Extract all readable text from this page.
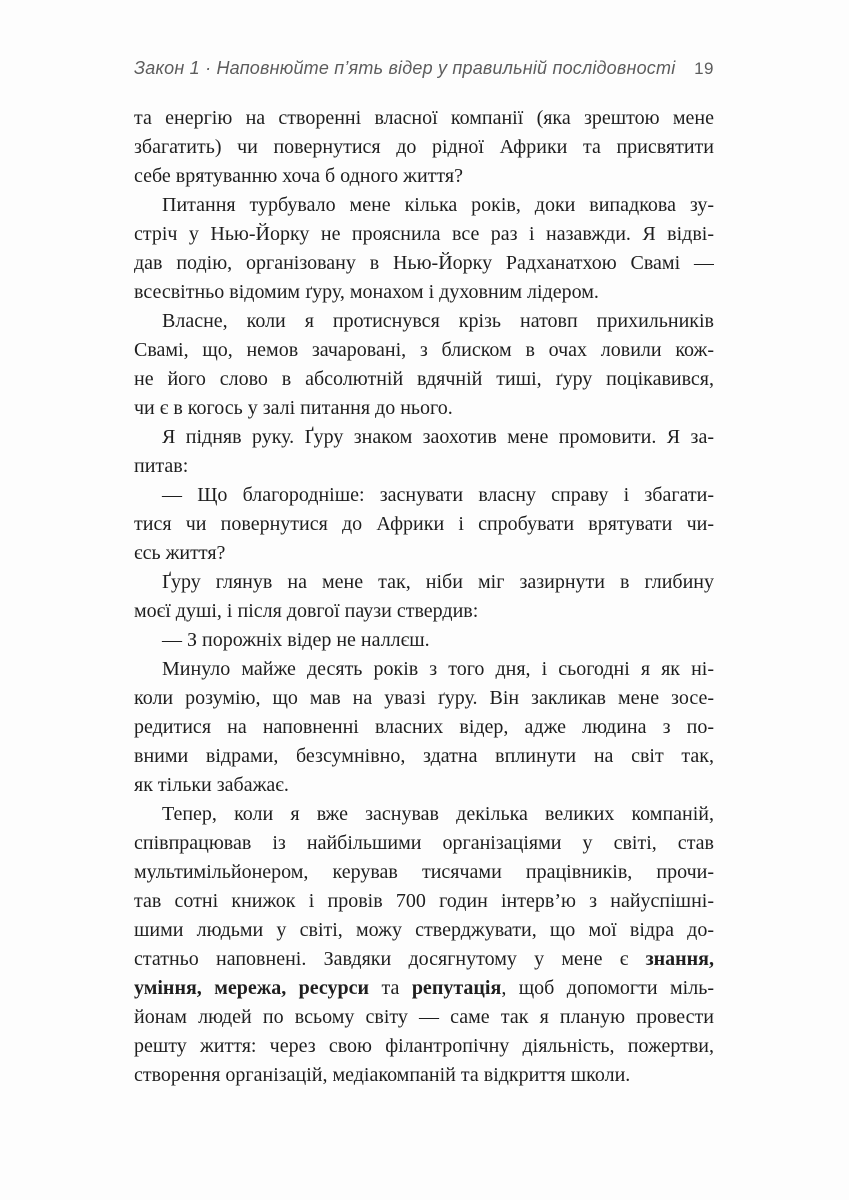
Закон 1 · Наповнюйте п’ять відер у правильній послідовності 19
та енергію на створенні власної компанії (яка зрештою мене
збагатить) чи повернутися до рідної Африки та присвятити
себе врятуванню хоча б одного життя?
Питання турбувало мене кілька років, доки випадкова зу-
стріч у Нью-Йорку не прояснила все раз і назавжди. Я відві-
дав подію, організовану в Нью-Йорку Радханатхою Свамі —
всесвітньо відомим ґуру, монахом і духовним лідером.
Власне, коли я протиснувся крізь натовп прихильників
Свамі, що, немов зачаровані, з блиском в очах ловили кож-
не його слово в абсолютній вдячній тиші, ґуру поцікавився,
чи є в когось у залі питання до нього.
Я підняв руку. Ґуру знаком заохотив мене промовити. Я за-
питав:
— Що благородніше: заснувати власну справу і збагати-
тися чи повернутися до Африки і спробувати врятувати чи-
єсь життя?
Ґуру глянув на мене так, ніби міг зазирнути в глибину
моєї душі, і після довгої паузи ствердив:
— З порожніх відер не наллєш.
Минуло майже десять років з того дня, і сьогодні я як ні-
коли розумію, що мав на увазі ґуру. Він закликав мене зосе-
редитися на наповненні власних відер, адже людина з по-
вними відрами, безсумнівно, здатна вплинути на світ так,
як тільки забажає.
Тепер, коли я вже заснував декілька великих компаній,
співпрацював із найбільшими організаціями у світі, став
мультимільйонером, керував тисячами працівників, прочи-
тав сотні книжок і провів 700 годин інтерв’ю з найуспішні-
шими людьми у світі, можу стверджувати, що мої відра до-
статньо наповнені. Завдяки досягнутому у мене є знання,
уміння, мережа, ресурси та репутація, щоб допомогти міль-
йонам людей по всьому світу — саме так я планую провести
решту життя: через свою філантропічну діяльність, пожертви,
створення організацій, медіакомпаній та відкриття школи.
